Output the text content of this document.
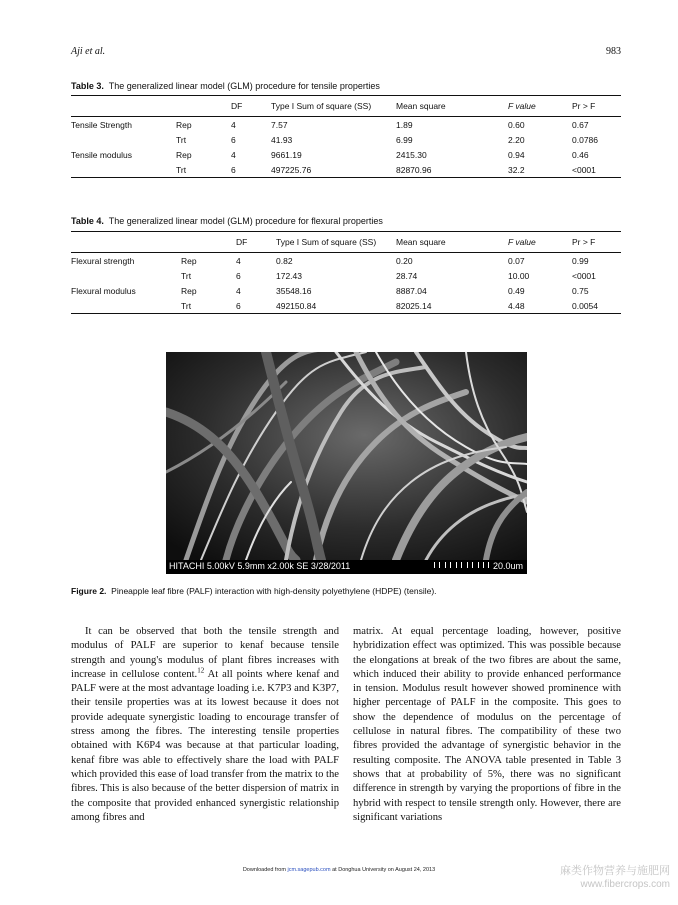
Aji et al.	983
Table 3. The generalized linear model (GLM) procedure for tensile properties
		DF	Type I Sum of square (SS)	Mean square	F value	Pr > F
Tensile Strength	Rep	4	7.57	1.89	0.60	0.67
	Trt	6	41.93	6.99	2.20	0.0786
Tensile modulus	Rep	4	9661.19	2415.30	0.94	0.46
	Trt	6	497225.76	82870.96	32.2	<0001
Table 4. The generalized linear model (GLM) procedure for flexural properties
		DF	Type I Sum of square (SS)	Mean square	F value	Pr > F
Flexural strength	Rep	4	0.82	0.20	0.07	0.99
	Trt	6	172.43	28.74	10.00	<0001
Flexural modulus	Rep	4	35548.16	8887.04	0.49	0.75
	Trt	6	492150.84	82025.14	4.48	0.0054
HITACHI 5.00kV 5.9mm x2.00k SE 3/28/2011	20.0um
Figure 2. Pineapple leaf fibre (PALF) interaction with high-density polyethylene (HDPE) (tensile).
It can be observed that both the tensile strength and modulus of PALF are superior to kenaf because tensile strength and young's modulus of plant fibres increases with increase in cellulose content.$^{12}$ At all points where kenaf and PALF were at the most advantage loading i.e. K7P3 and K3P7, their tensile properties was at its lowest because it does not provide adequate synergistic loading to encourage transfer of stress among the fibres. The interesting tensile properties obtained with K6P4 was because at that particular loading, kenaf fibre was able to effectively share the load with PALF which provided this ease of load transfer from the matrix to the fibres. This is also because of the better dispersion of matrix in the composite that provided enhanced synergistic relationship among fibres and
matrix. At equal percentage loading, however, positive hybridization effect was optimized. This was possible because the elongations at break of the two fibres are about the same, which induced their ability to provide enhanced performance in tension. Modulus result however showed prominence with higher percentage of PALF in the composite. This goes to show the dependence of modulus on the percentage of cellulose in natural fibres. The compatibility of these two fibres provided the advantage of synergistic behavior in the resulting composite. The ANOVA table presented in Table 3 shows that at probability of 5%, there was no significant difference in strength by varying the proportions of fibre in the hybrid with respect to tensile strength only. However, there are significant variations
Downloaded from jcm.sagepub.com at Donghua University on August 24, 2013	麻类作物营养与施肥网
www.fibercrops.com
